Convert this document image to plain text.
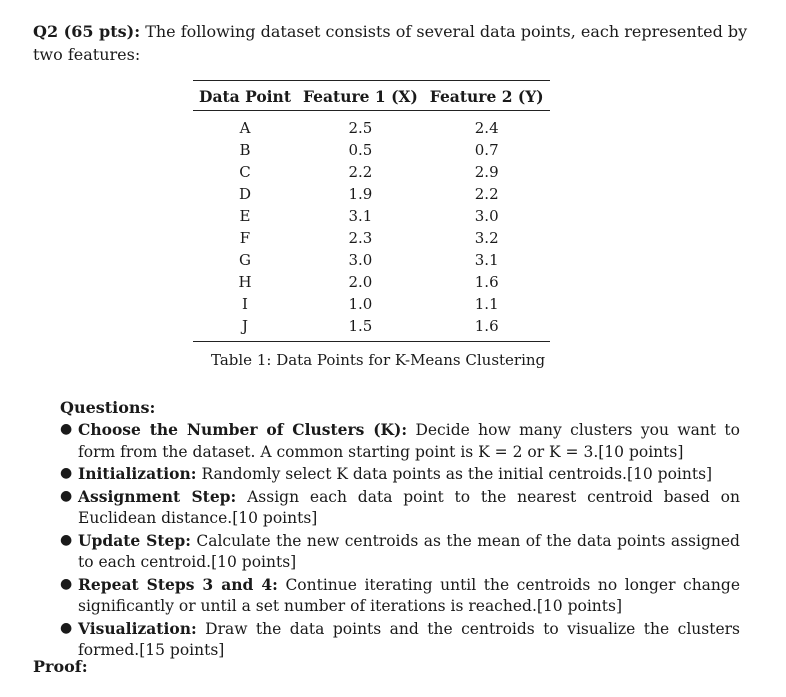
Q2 (65 pts): The following dataset consists of several data points, each represented by two features:
Data Point	Feature 1 (X)	Feature 2 (Y)
A	2.5	2.4
B	0.5	0.7
C	2.2	2.9
D	1.9	2.2
E	3.1	3.0
F	2.3	3.2
G	3.0	3.1
H	2.0	1.6
I	1.0	1.1
J	1.5	1.6
Table 1: Data Points for K-Means Clustering
Questions:
● Choose the Number of Clusters (K): Decide how many clusters you want to form from the dataset. A common starting point is K = 2 or K = 3.[10 points]
● Initialization: Randomly select K data points as the initial centroids.[10 points]
● Assignment Step: Assign each data point to the nearest centroid based on Euclidean distance.[10 points]
● Update Step: Calculate the new centroids as the mean of the data points assigned to each centroid.[10 points]
● Repeat Steps 3 and 4: Continue iterating until the centroids no longer change significantly or until a set number of iterations is reached.[10 points]
● Visualization: Draw the data points and the centroids to visualize the clusters formed.[15 points]
Proof:
